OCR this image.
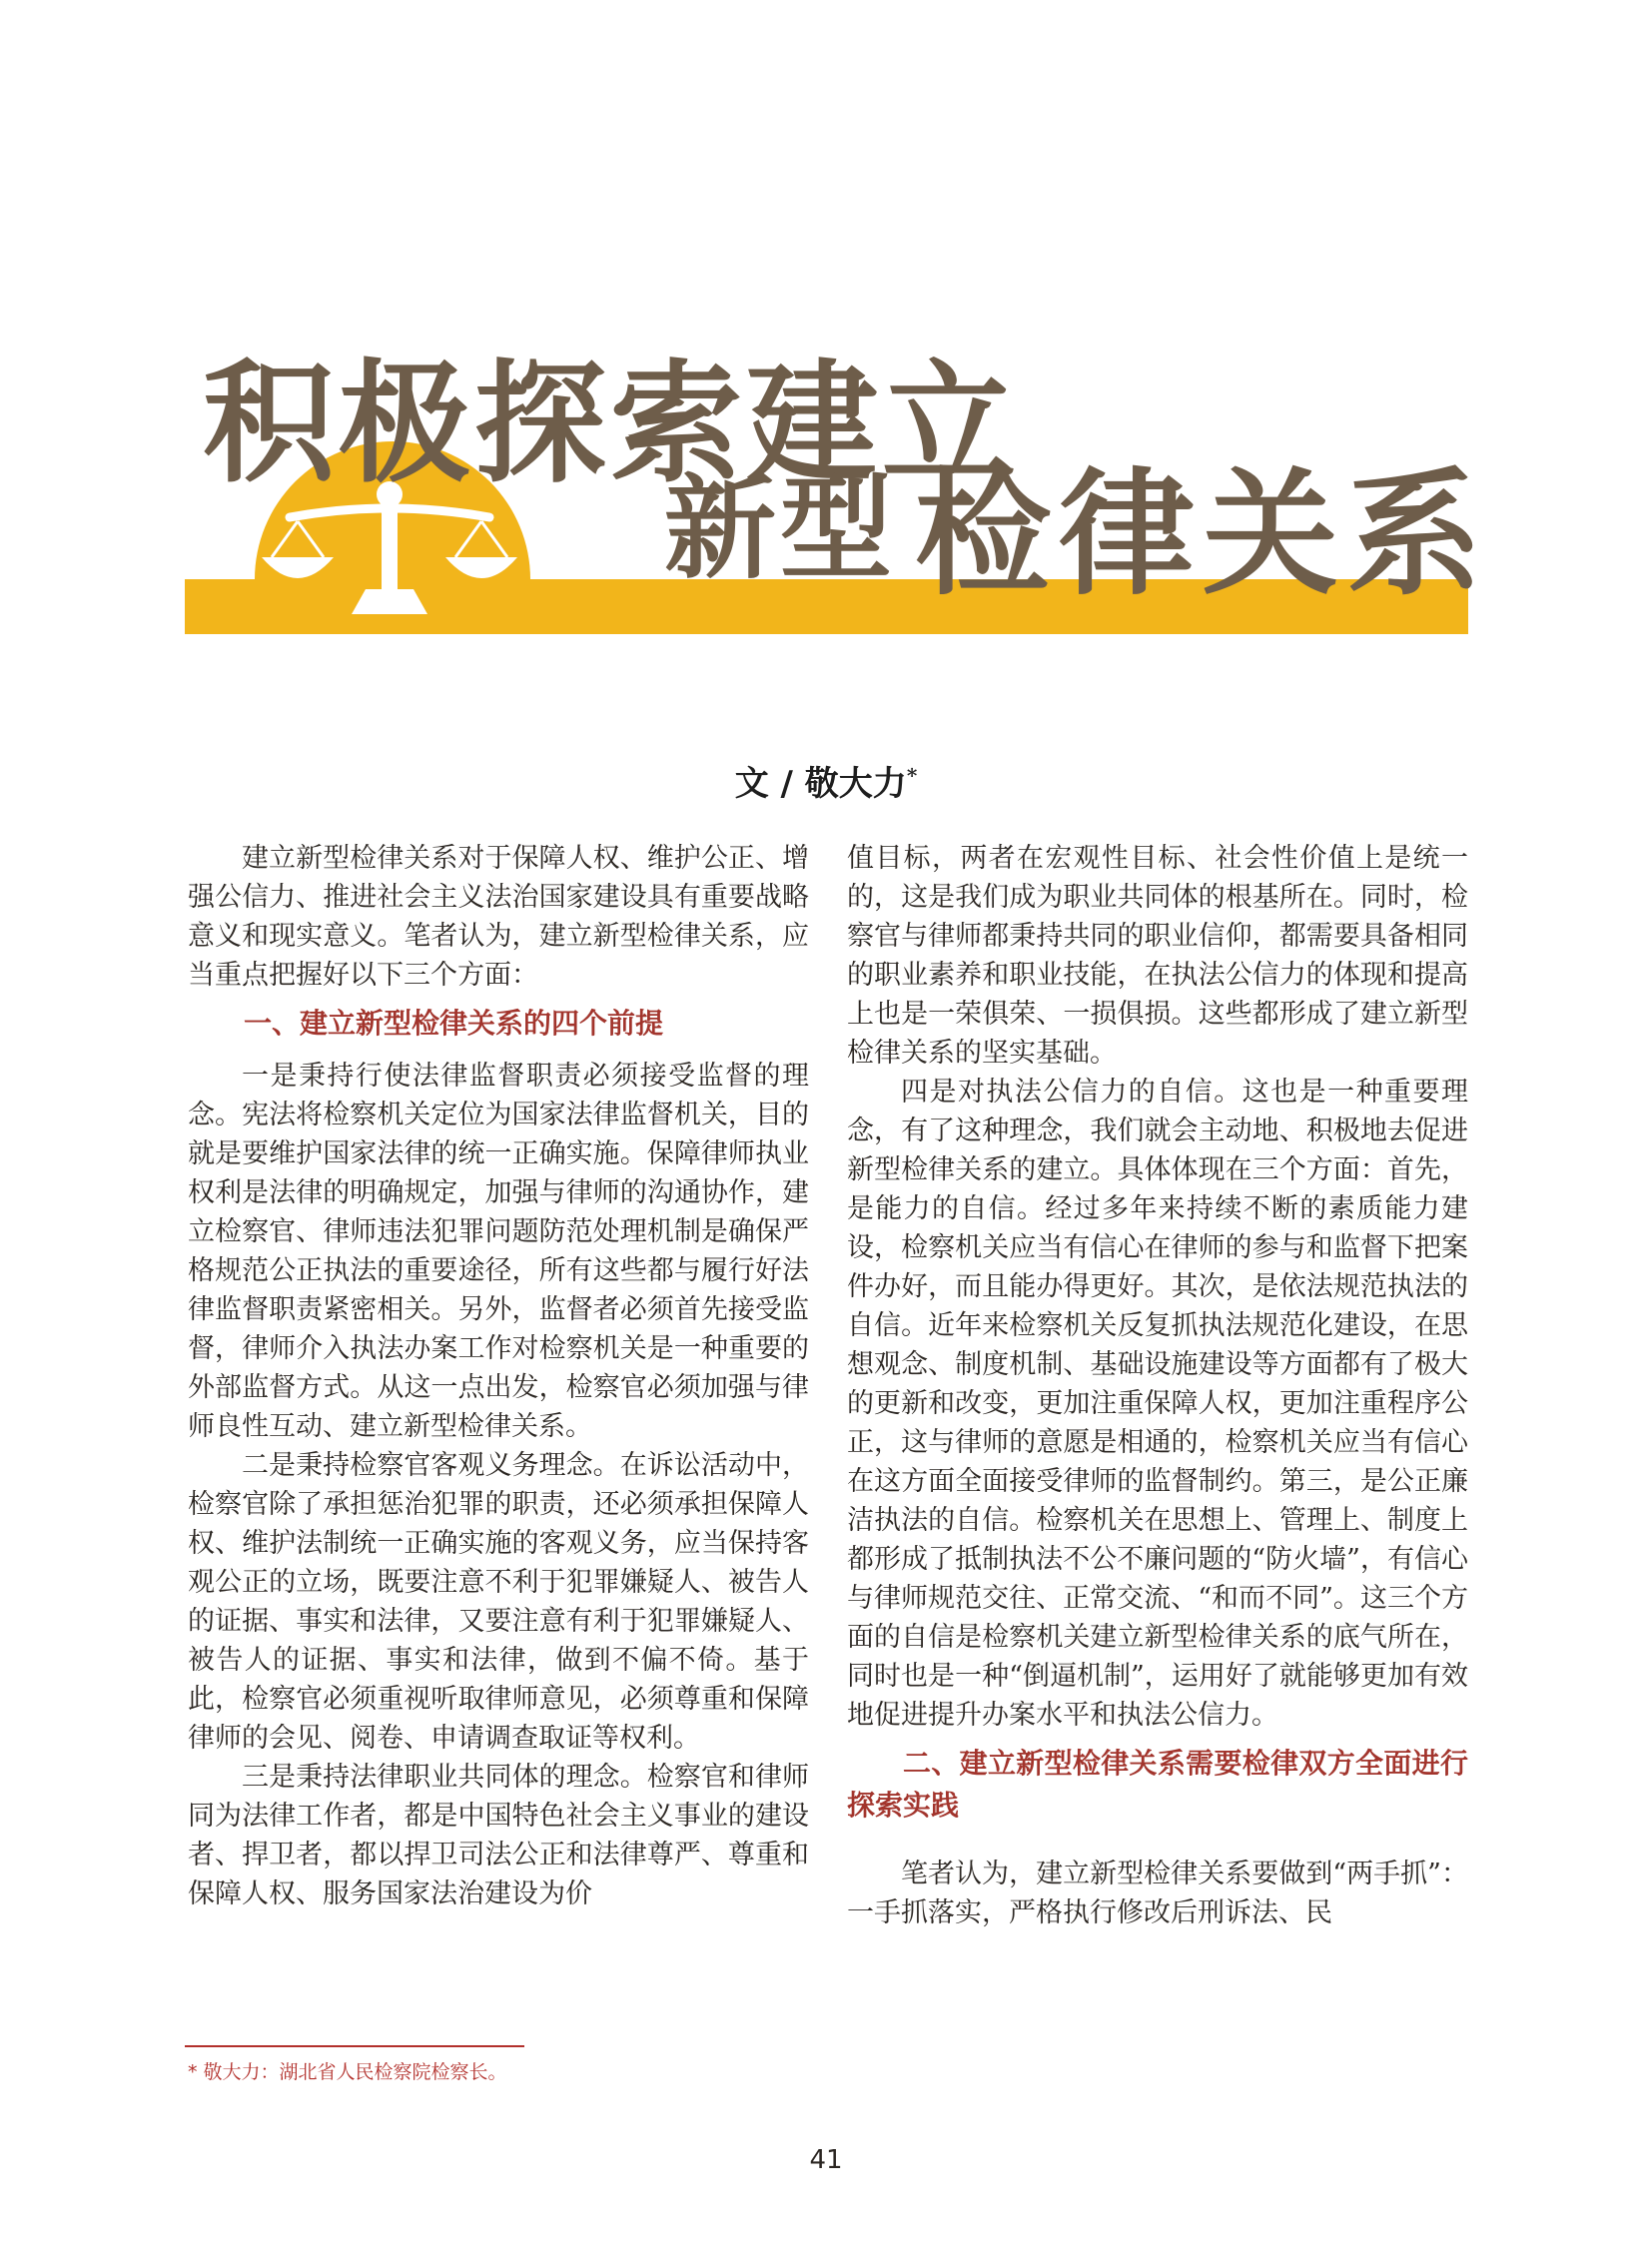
积极探索建立
新型 检律关系
文 / 敬大力*

建立新型检律关系对于保障人权、维护公正、增强公信力、推进社会主义法治国家建设具有重要战略意义和现实意义。笔者认为，建立新型检律关系，应当重点把握好以下三个方面：

一、建立新型检律关系的四个前提

一是秉持行使法律监督职责必须接受监督的理念。宪法将检察机关定位为国家法律监督机关，目的就是要维护国家法律的统一正确实施。保障律师执业权利是法律的明确规定，加强与律师的沟通协作，建立检察官、律师违法犯罪问题防范处理机制是确保严格规范公正执法的重要途径，所有这些都与履行好法律监督职责紧密相关。另外，监督者必须首先接受监督，律师介入执法办案工作对检察机关是一种重要的外部监督方式。从这一点出发，检察官必须加强与律师良性互动、建立新型检律关系。

二是秉持检察官客观义务理念。在诉讼活动中，检察官除了承担惩治犯罪的职责，还必须承担保障人权、维护法制统一正确实施的客观义务，应当保持客观公正的立场，既要注意不利于犯罪嫌疑人、被告人的证据、事实和法律，又要注意有利于犯罪嫌疑人、被告人的证据、事实和法律，做到不偏不倚。基于此，检察官必须重视听取律师意见，必须尊重和保障律师的会见、阅卷、申请调查取证等权利。

三是秉持法律职业共同体的理念。检察官和律师同为法律工作者，都是中国特色社会主义事业的建设者、捍卫者，都以捍卫司法公正和法律尊严、尊重和保障人权、服务国家法治建设为价

值目标，两者在宏观性目标、社会性价值上是统一的，这是我们成为职业共同体的根基所在。同时，检察官与律师都秉持共同的职业信仰，都需要具备相同的职业素养和职业技能，在执法公信力的体现和提高上也是一荣俱荣、一损俱损。这些都形成了建立新型检律关系的坚实基础。

四是对执法公信力的自信。这也是一种重要理念，有了这种理念，我们就会主动地、积极地去促进新型检律关系的建立。具体体现在三个方面：首先，是能力的自信。经过多年来持续不断的素质能力建设，检察机关应当有信心在律师的参与和监督下把案件办好，而且能办得更好。其次，是依法规范执法的自信。近年来检察机关反复抓执法规范化建设，在思想观念、制度机制、基础设施建设等方面都有了极大的更新和改变，更加注重保障人权，更加注重程序公正，这与律师的意愿是相通的，检察机关应当有信心在这方面全面接受律师的监督制约。第三，是公正廉洁执法的自信。检察机关在思想上、管理上、制度上都形成了抵制执法不公不廉问题的“防火墙”，有信心与律师规范交往、正常交流、“和而不同”。这三个方面的自信是检察机关建立新型检律关系的底气所在，同时也是一种“倒逼机制”，运用好了就能够更加有效地促进提升办案水平和执法公信力。

二、建立新型检律关系需要检律双方全面进行探索实践

笔者认为，建立新型检律关系要做到“两手抓”：一手抓落实，严格执行修改后刑诉法、民

* 敬大力：湖北省人民检察院检察长。
41
